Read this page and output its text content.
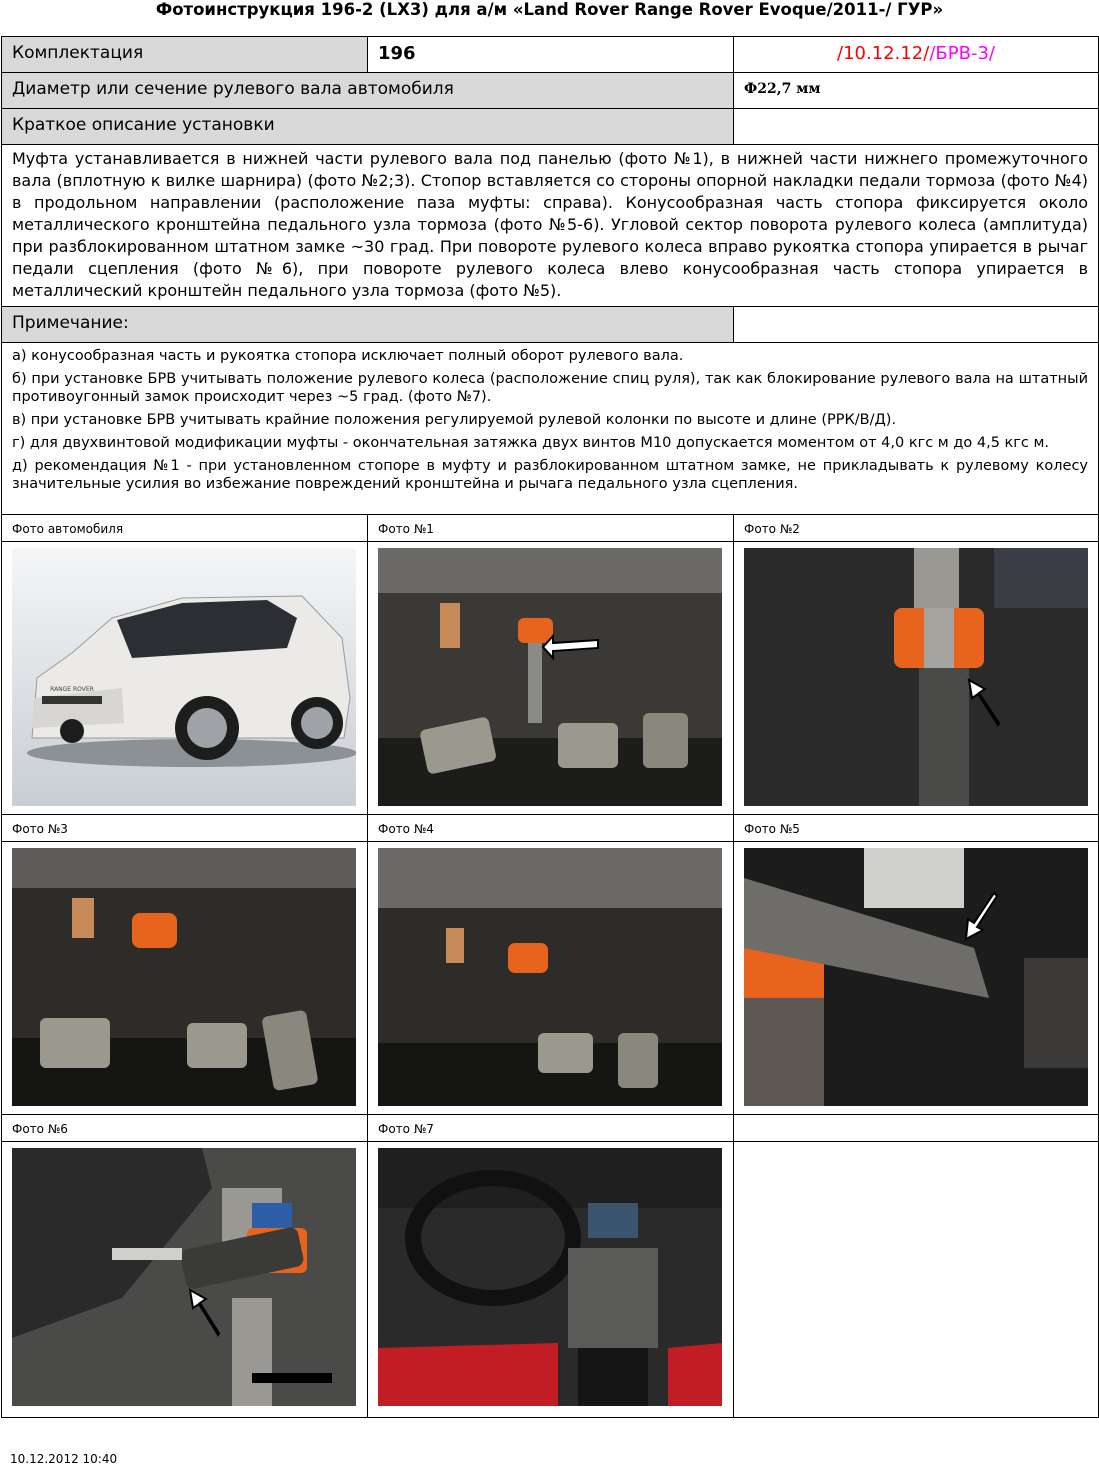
Фотоинструкция 196-2 (LX3) для а/м «Land Rover Range Rover Evoque/2011-/ ГУР»
Комплектация	196	/10.12.12//БРВ-3/
Диаметр или сечение рулевого вала автомобиля		Ф22,7 мм
Краткое описание установки		
Муфта устанавливается в нижней части рулевого вала под панелью (фото №1), в нижней части нижнего промежуточного вала (вплотную к вилке шарнира) (фото №2;3). Стопор вставляется со стороны опорной накладки педали тормоза (фото №4) в продольном направлении (расположение паза муфты: справа). Конусообразная часть стопора фиксируется около металлического кронштейна педального узла тормоза (фото №5-6). Угловой сектор поворота рулевого колеса (амплитуда) при разблокированном штатном замке ~30 град. При повороте рулевого колеса вправо рукоятка стопора упирается в рычаг педали сцепления (фото №6), при повороте рулевого колеса влево конусообразная часть стопора упирается в металлический кронштейн педального узла тормоза (фото №5).		
Примечание:		

а) конусообразная часть и рукоятка стопора исключает полный оборот рулевого вала.

б) при установке БРВ учитывать положение рулевого колеса (расположение спиц руля), так как блокирование рулевого вала на штатный противоугонный замок происходит через ~5 град. (фото №7).

в) при установке БРВ учитывать крайние положения регулируемой рулевой колонки по высоте и длине (РРК/В/Д).

г) для двухвинтовой модификации муфты - окончательная затяжка двух винтов М10 допускается моментом от 4,0 кгс м до 4,5 кгс м.

д) рекомендация №1 - при установленном стопоре в муфту и разблокированном штатном замке, не прикладывать к рулевому колесу значительные усилия во избежание повреждений кронштейна и рычага педального узла сцепления.		

Фото автомобиля	Фото №1	Фото №2

RANGE ROVER

Фото №3	Фото №4	Фото №5

Фото №6	Фото №7	

10.12.2012 10:40
